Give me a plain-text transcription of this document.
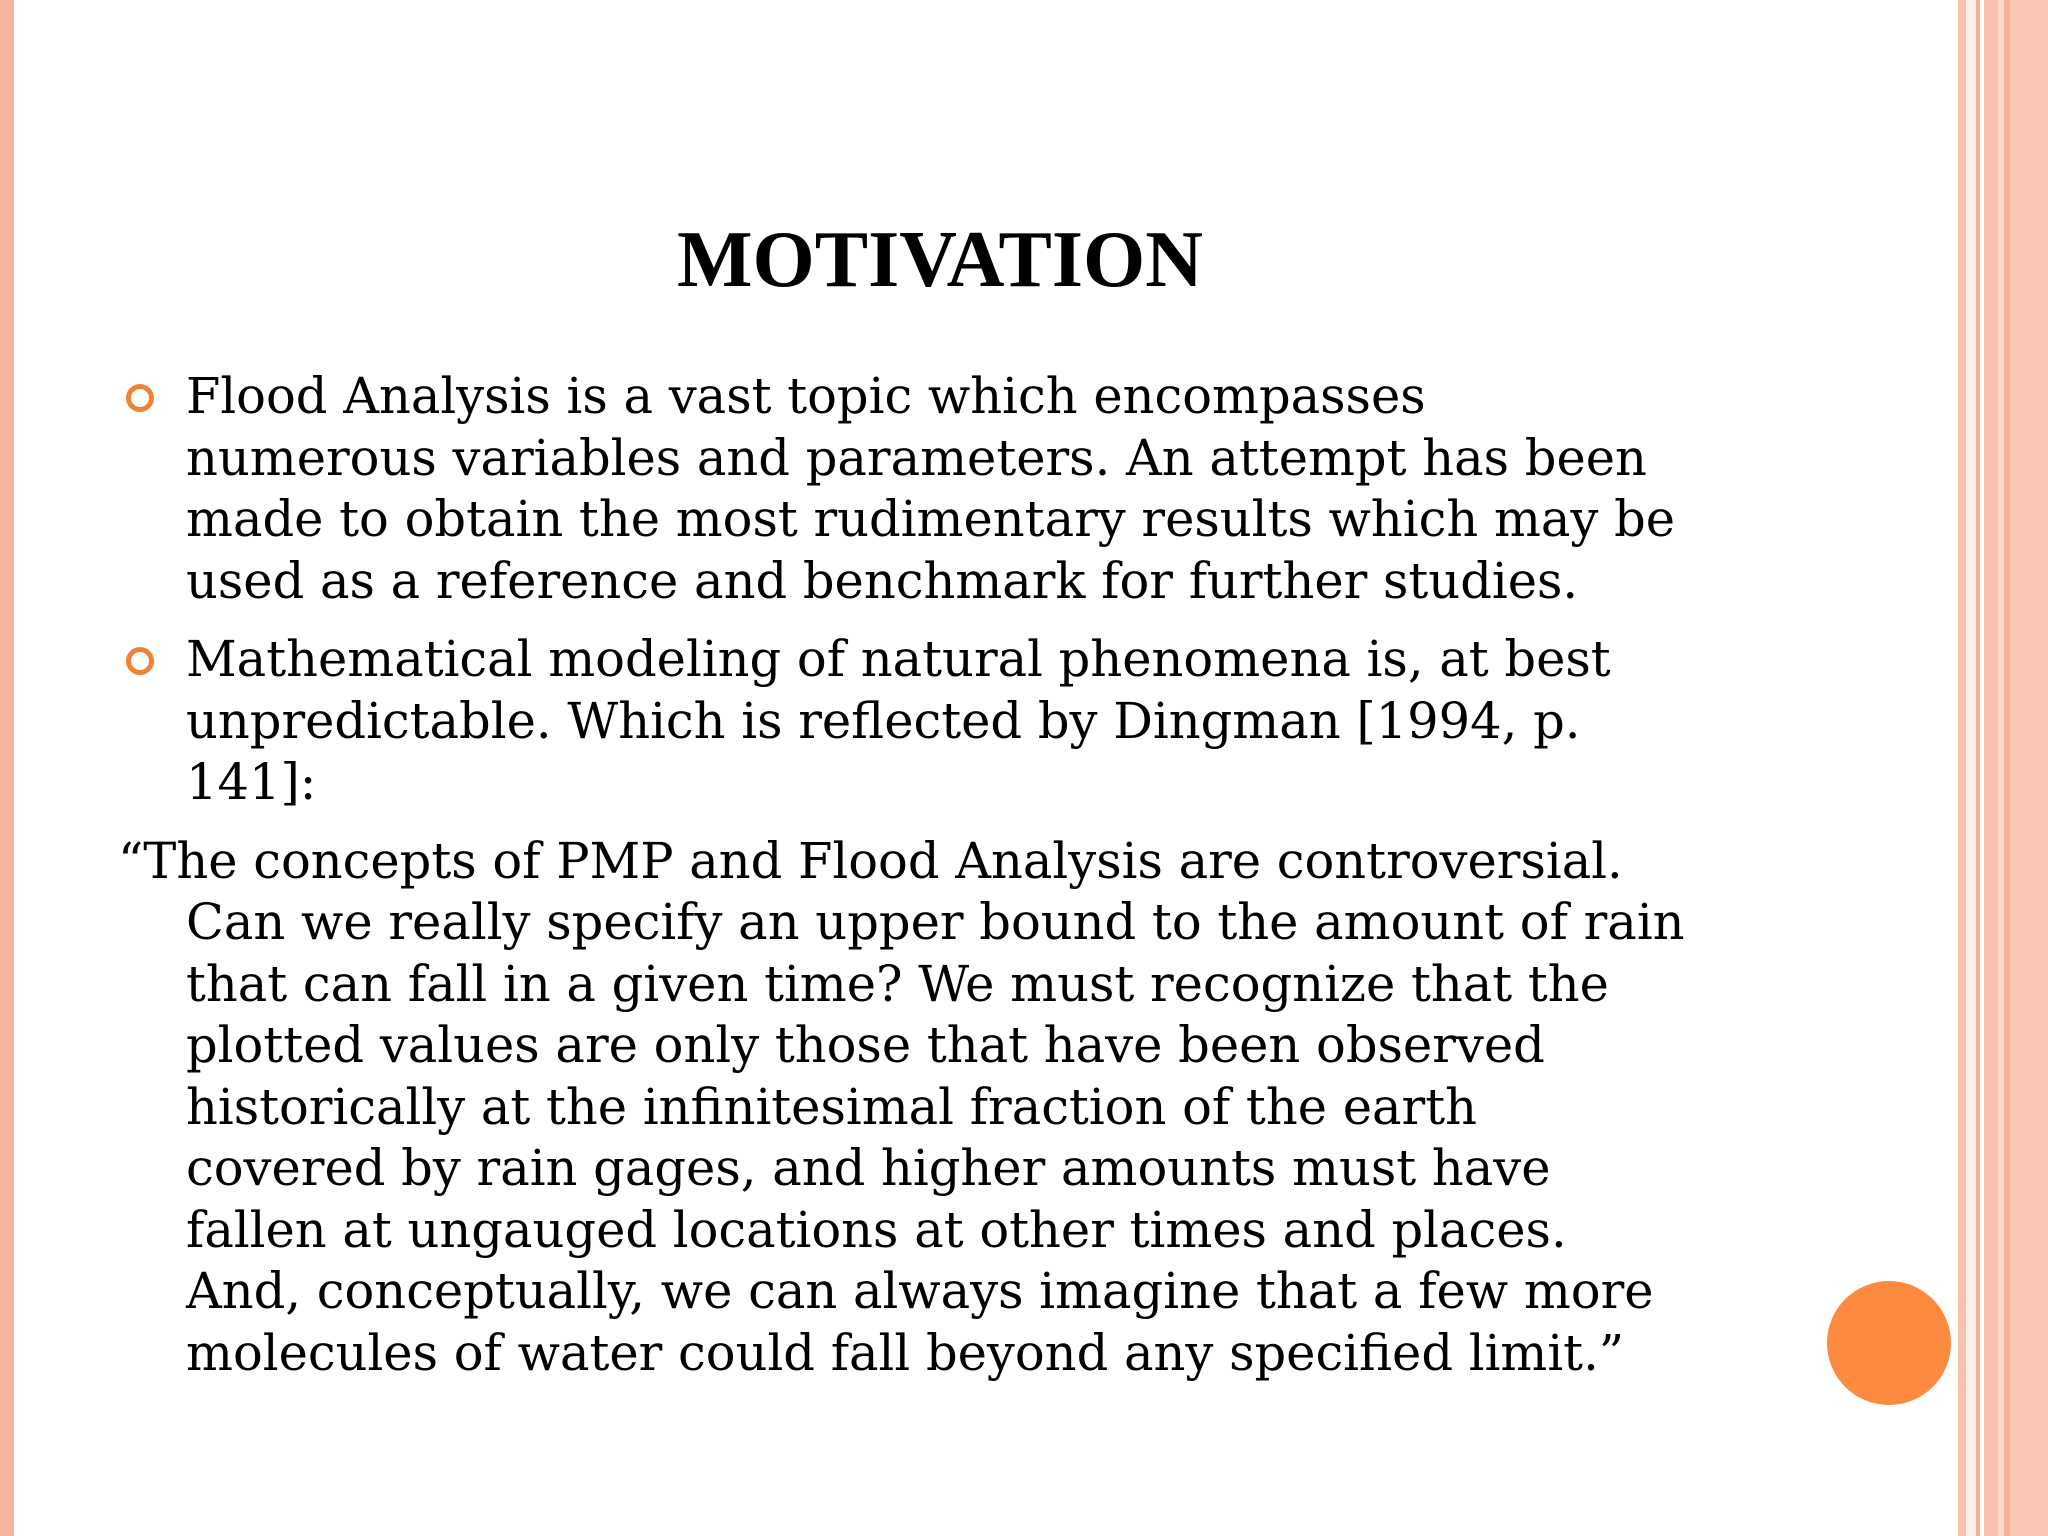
MOTIVATION
Flood Analysis is a vast topic which encompasses
numerous variables and parameters. An attempt has been
made to obtain the most rudimentary results which may be
used as a reference and benchmark for further studies.
Mathematical modeling of natural phenomena is, at best
unpredictable. Which is reflected by Dingman [1994, p.
141]:
“The concepts of PMP and Flood Analysis are controversial.
Can we really specify an upper bound to the amount of rain
that can fall in a given time? We must recognize that the
plotted values are only those that have been observed
historically at the infinitesimal fraction of the earth
covered by rain gages, and higher amounts must have
fallen at ungauged locations at other times and places.
And, conceptually, we can always imagine that a few more
molecules of water could fall beyond any specified limit.”
